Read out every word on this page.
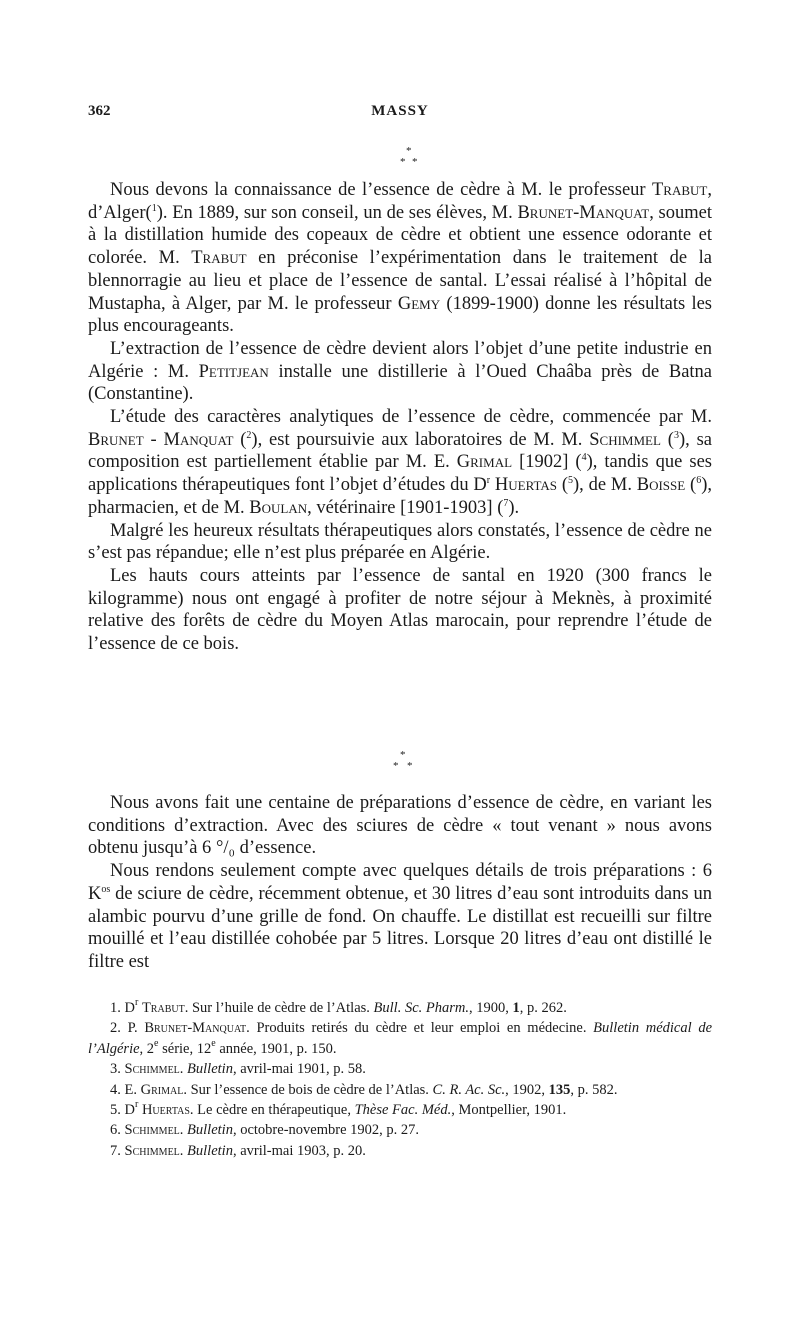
362	MASSY
*
* *

Nous devons la connaissance de l’essence de cèdre à M. le professeur Trabut, d’Alger($^1$). En 1889, sur son conseil, un de ses élèves, M. Brunet-Manquat, soumet à la distillation humide des copeaux de cèdre et obtient une essence odorante et colorée. M. Trabut en préconise l’expérimentation dans le traitement de la blennorragie au lieu et place de l’essence de santal. L’essai réalisé à l’hôpital de Mustapha, à Alger, par M. le professeur Gemy (1899-1900) donne les résultats les plus encourageants.

L’extraction de l’essence de cèdre devient alors l’objet d’une petite industrie en Algérie : M. Petitjean installe une distillerie à l’Oued Chaâba près de Batna (Constantine).

L’étude des caractères analytiques de l’essence de cèdre, commencée par M. Brunet - Manquat ($^2$), est poursuivie aux laboratoires de M. M. Schimmel ($^3$), sa composition est partiellement établie par M. E. Grimal [1902] ($^4$), tandis que ses applications thérapeutiques font l’objet d’études du $D^r$ Huertas ($^5$), de M. Boisse ($^6$), pharmacien, et de M. Boulan, vétérinaire [1901-1903] ($^7$).

Malgré les heureux résultats thérapeutiques alors constatés, l’essence de cèdre ne s’est pas répandue; elle n’est plus préparée en Algérie.

Les hauts cours atteints par l’essence de santal en 1920 (300 francs le kilogramme) nous ont engagé à profiter de notre séjour à Meknès, à proximité relative des forêts de cèdre du Moyen Atlas marocain, pour reprendre l’étude de l’essence de ce bois.

*
* *

Nous avons fait une centaine de préparations d’essence de cèdre, en variant les conditions d’extraction. Avec des sciures de cèdre « tout venant » nous avons obtenu jusqu’à 6 °/₀ d’essence.

Nous rendons seulement compte avec quelques détails de trois préparations : 6 $K^{os}$ de sciure de cèdre, récemment obtenue, et 30 litres d’eau sont introduits dans un alambic pourvu d’une grille de fond. On chauffe. Le distillat est recueilli sur filtre mouillé et l’eau distillée cohobée par 5 litres. Lorsque 20 litres d’eau ont distillé le filtre est

1. $D^r$ Trabut. Sur l’huile de cèdre de l’Atlas. Bull. Sc. Pharm., 1900, 1, p. 262.

2. P. Brunet-Manquat. Produits retirés du cèdre et leur emploi en médecine. Bulletin médical de l’Algérie, 2e série, 12e année, 1901, p. 150.

3. Schimmel. Bulletin, avril-mai 1901, p. 58.

4. E. Grimal. Sur l’essence de bois de cèdre de l’Atlas. C. R. Ac. Sc., 1902, 135, p. 582.

5. $D^r$ Huertas. Le cèdre en thérapeutique, Thèse Fac. Méd., Montpellier, 1901.

6. Schimmel. Bulletin, octobre-novembre 1902, p. 27.

7. Schimmel. Bulletin, avril-mai 1903, p. 20.
